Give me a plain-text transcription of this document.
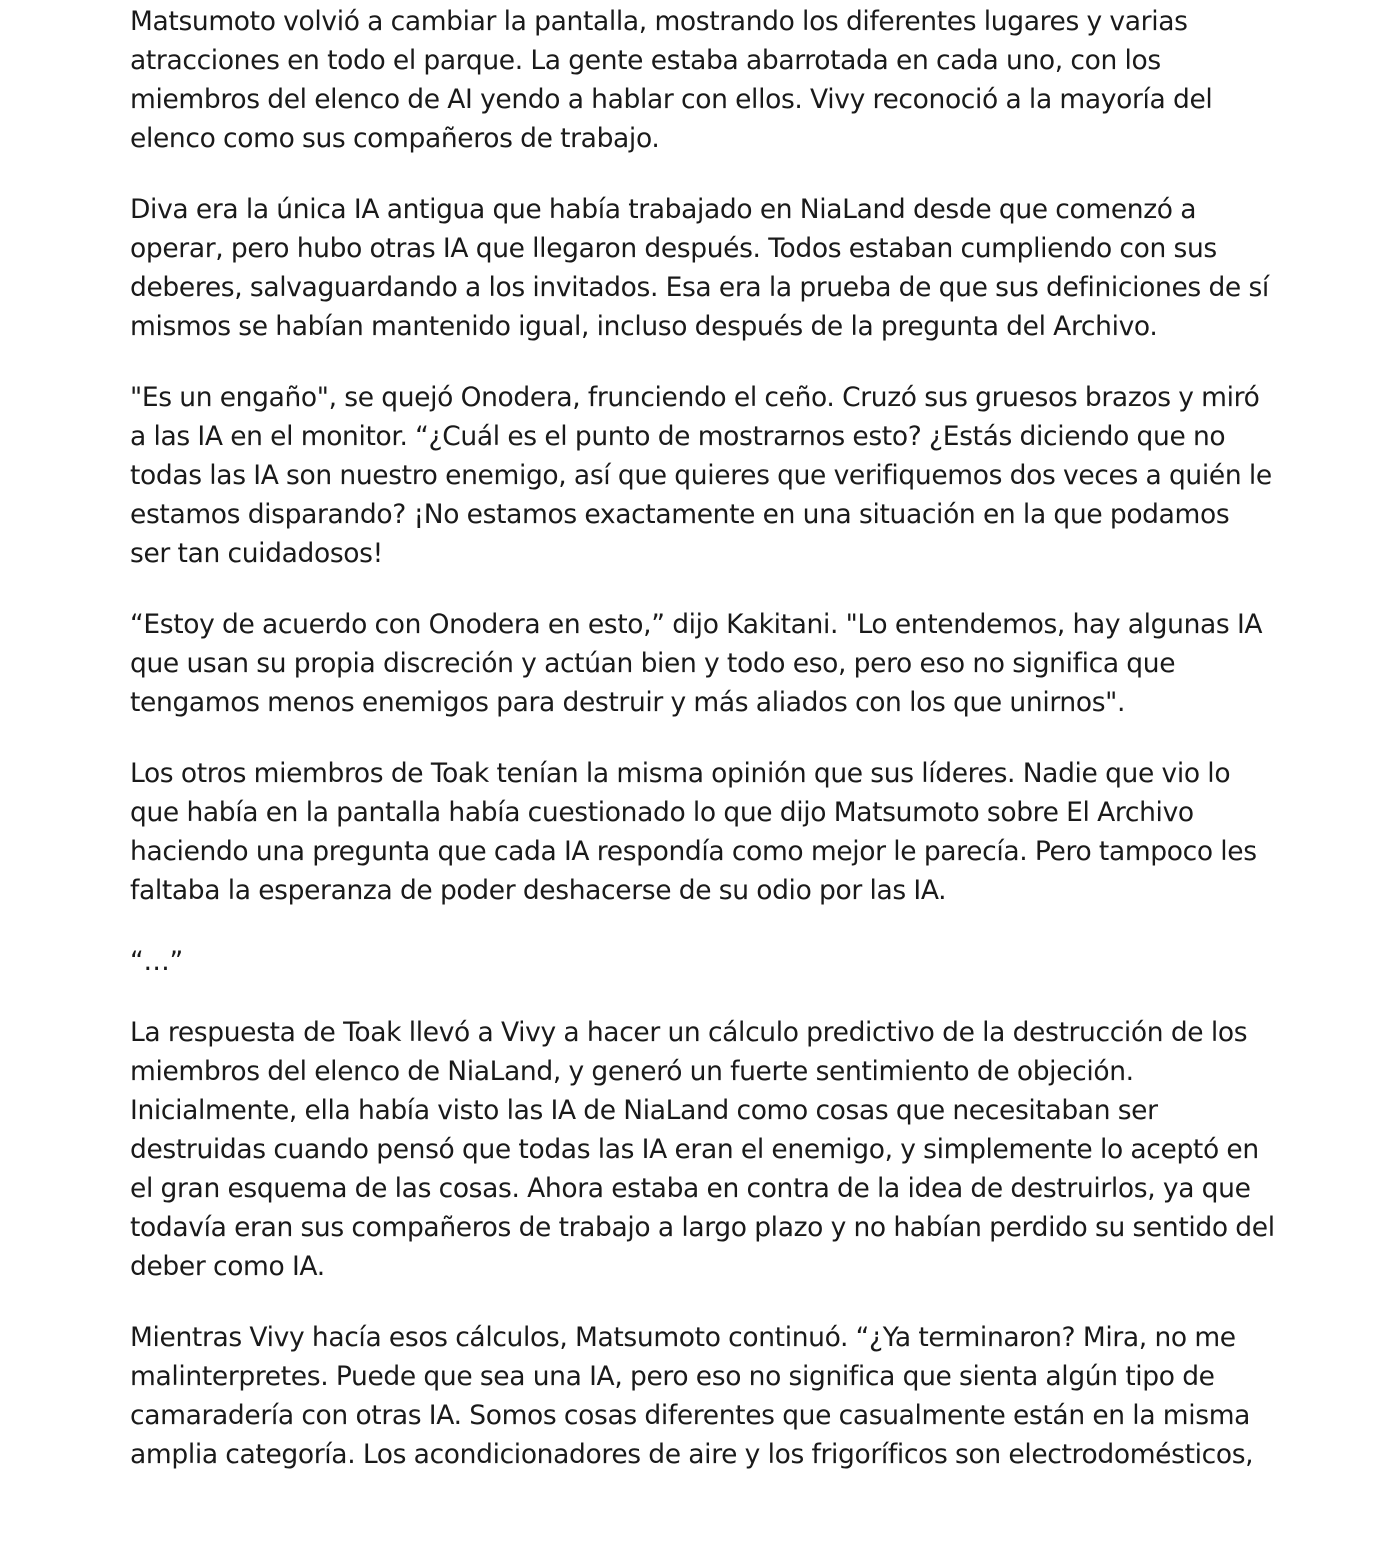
Matsumoto volvió a cambiar la pantalla, mostrando los diferentes lugares y varias atracciones en todo el parque. La gente estaba abarrotada en cada uno, con los miembros del elenco de AI yendo a hablar con ellos. Vivy reconoció a la mayoría del elenco como sus compañeros de trabajo.

Diva era la única IA antigua que había trabajado en NiaLand desde que comenzó a operar, pero hubo otras IA que llegaron después. Todos estaban cumpliendo con sus deberes, salvaguardando a los invitados. Esa era la prueba de que sus definiciones de sí mismos se habían mantenido igual, incluso después de la pregunta del Archivo.

"Es un engaño", se quejó Onodera, frunciendo el ceño. Cruzó sus gruesos brazos y miró a las IA en el monitor. “¿Cuál es el punto de mostrarnos esto? ¿Estás diciendo que no todas las IA son nuestro enemigo, así que quieres que verifiquemos dos veces a quién le estamos disparando? ¡No estamos exactamente en una situación en la que podamos ser tan cuidadosos!

“Estoy de acuerdo con Onodera en esto,” dijo Kakitani. "Lo entendemos, hay algunas IA que usan su propia discreción y actúan bien y todo eso, pero eso no significa que tengamos menos enemigos para destruir y más aliados con los que unirnos".

Los otros miembros de Toak tenían la misma opinión que sus líderes. Nadie que vio lo que había en la pantalla había cuestionado lo que dijo Matsumoto sobre El Archivo haciendo una pregunta que cada IA respondía como mejor le parecía. Pero tampoco les faltaba la esperanza de poder deshacerse de su odio por las IA.

“…”

La respuesta de Toak llevó a Vivy a hacer un cálculo predictivo de la destrucción de los miembros del elenco de NiaLand, y generó un fuerte sentimiento de objeción. Inicialmente, ella había visto las IA de NiaLand como cosas que necesitaban ser destruidas cuando pensó que todas las IA eran el enemigo, y simplemente lo aceptó en el gran esquema de las cosas. Ahora estaba en contra de la idea de destruirlos, ya que todavía eran sus compañeros de trabajo a largo plazo y no habían perdido su sentido del deber como IA.

Mientras Vivy hacía esos cálculos, Matsumoto continuó. “¿Ya terminaron? Mira, no me malinterpretes. Puede que sea una IA, pero eso no significa que sienta algún tipo de camaradería con otras IA. Somos cosas diferentes que casualmente están en la misma amplia categoría. Los acondicionadores de aire y los frigoríficos son electrodomésticos,
